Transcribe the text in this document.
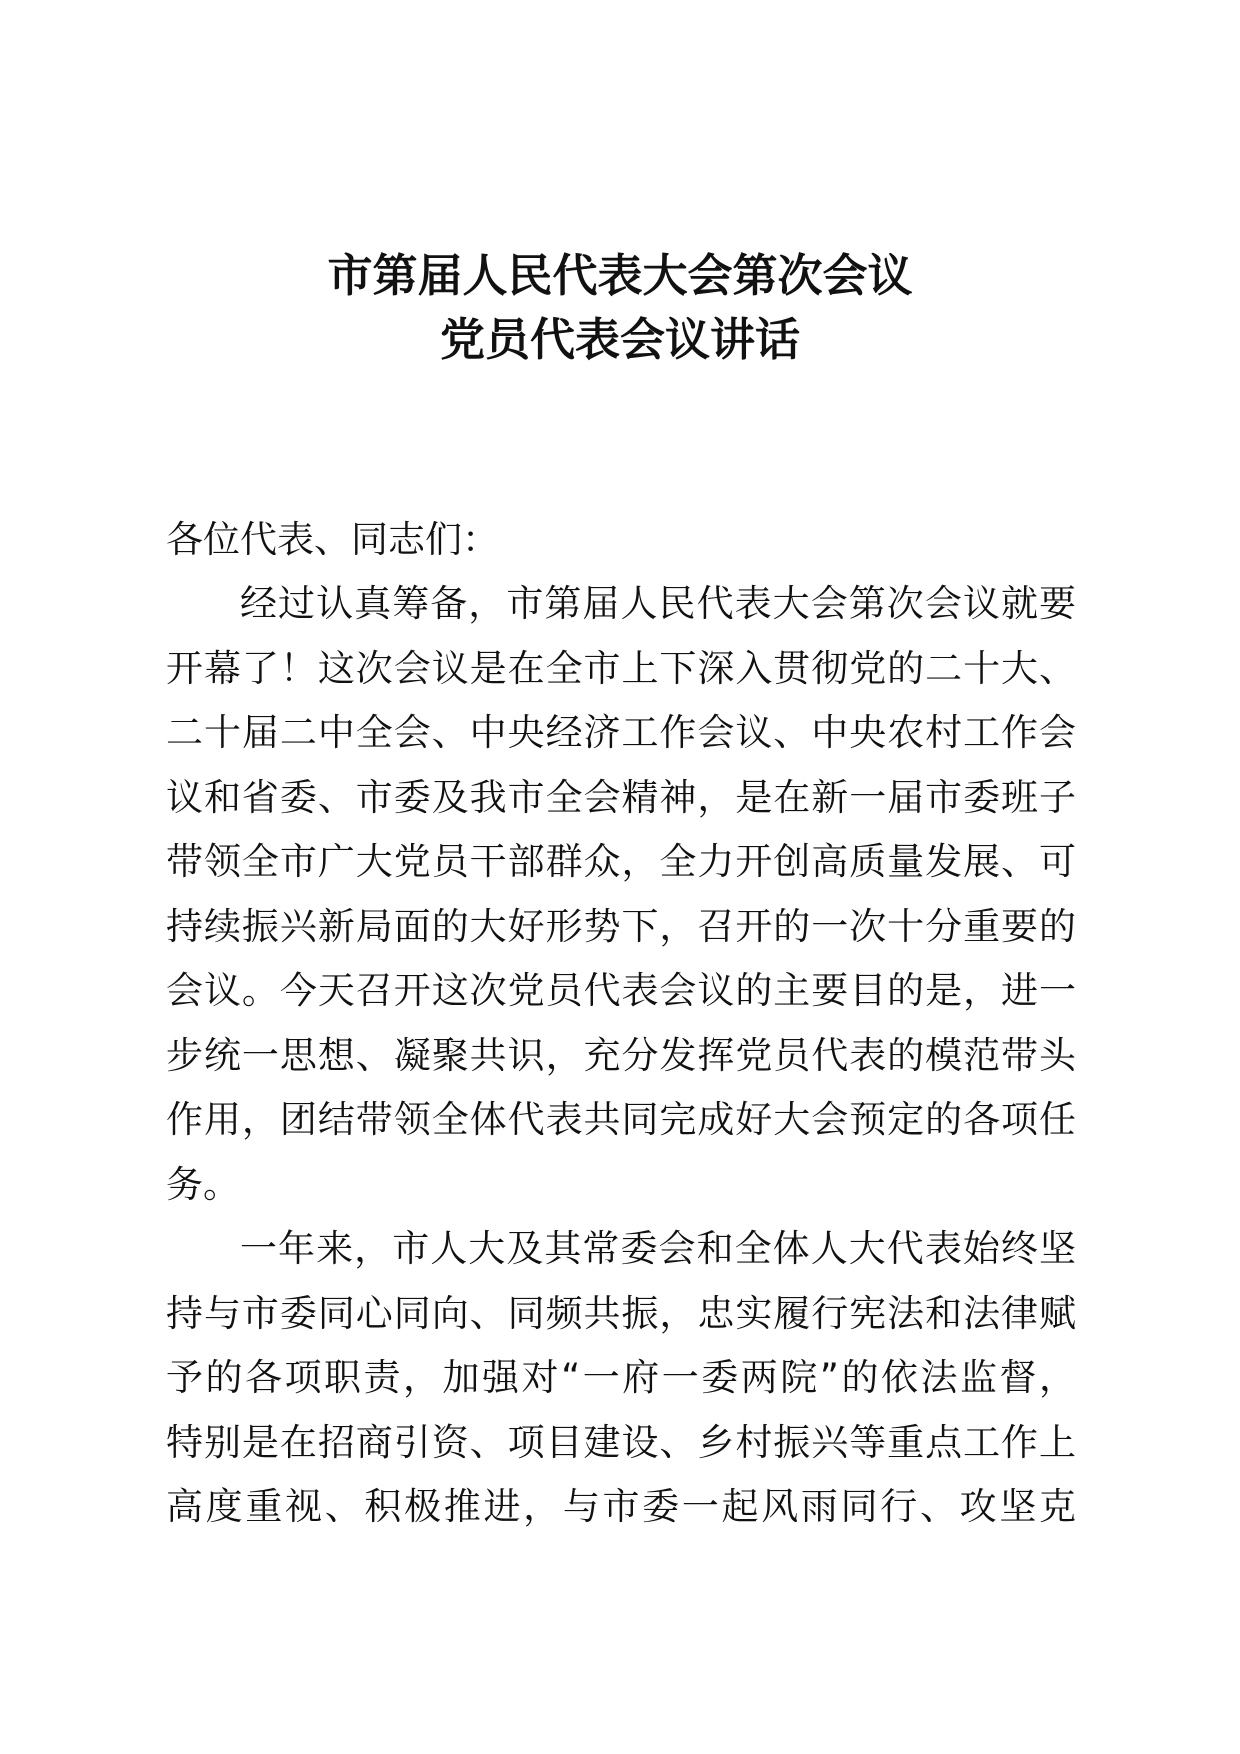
市第届人民代表大会第次会议
党员代表会议讲话
各位代表、同志们：
经过认真筹备，市第届人民代表大会第次会议就要
开幕了！这次会议是在全市上下深入贯彻党的二十大、
二十届二中全会、中央经济工作会议、中央农村工作会
议和省委、市委及我市全会精神，是在新一届市委班子
带领全市广大党员干部群众，全力开创高质量发展、可
持续振兴新局面的大好形势下，召开的一次十分重要的
会议。今天召开这次党员代表会议的主要目的是，进一
步统一思想、凝聚共识，充分发挥党员代表的模范带头
作用，团结带领全体代表共同完成好大会预定的各项任
务。
一年来，市人大及其常委会和全体人大代表始终坚
持与市委同心同向、同频共振，忠实履行宪法和法律赋
予的各项职责，加强对“一府一委两院”的依法监督，
特别是在招商引资、项目建设、乡村振兴等重点工作上
高度重视、积极推进，与市委一起风雨同行、攻坚克
